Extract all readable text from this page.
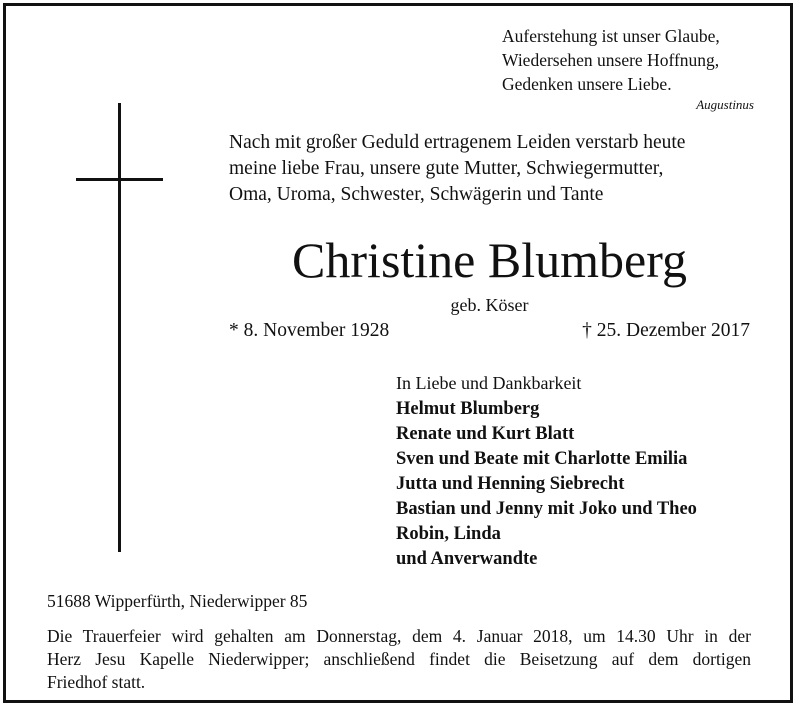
Auferstehung ist unser Glaube,
Wiedersehen unsere Hoffnung,
Gedenken unsere Liebe.
Augustinus
Nach mit großer Geduld ertragenem Leiden verstarb heute
meine liebe Frau, unsere gute Mutter, Schwiegermutter,
Oma, Uroma, Schwester, Schwägerin und Tante
Christine Blumberg
geb. Köser
* 8. November 1928	† 25. Dezember 2017
In Liebe und Dankbarkeit
Helmut Blumberg
Renate und Kurt Blatt
Sven und Beate mit Charlotte Emilia
Jutta und Henning Siebrecht
Bastian und Jenny mit Joko und Theo
Robin, Linda
und Anverwandte
51688 Wipperfürth, Niederwipper 85
Die Trauerfeier wird gehalten am Donnerstag, dem 4. Januar 2018, um 14.30 Uhr in der
Herz Jesu Kapelle Niederwipper; anschließend findet die Beisetzung auf dem dortigen
Friedhof statt.
